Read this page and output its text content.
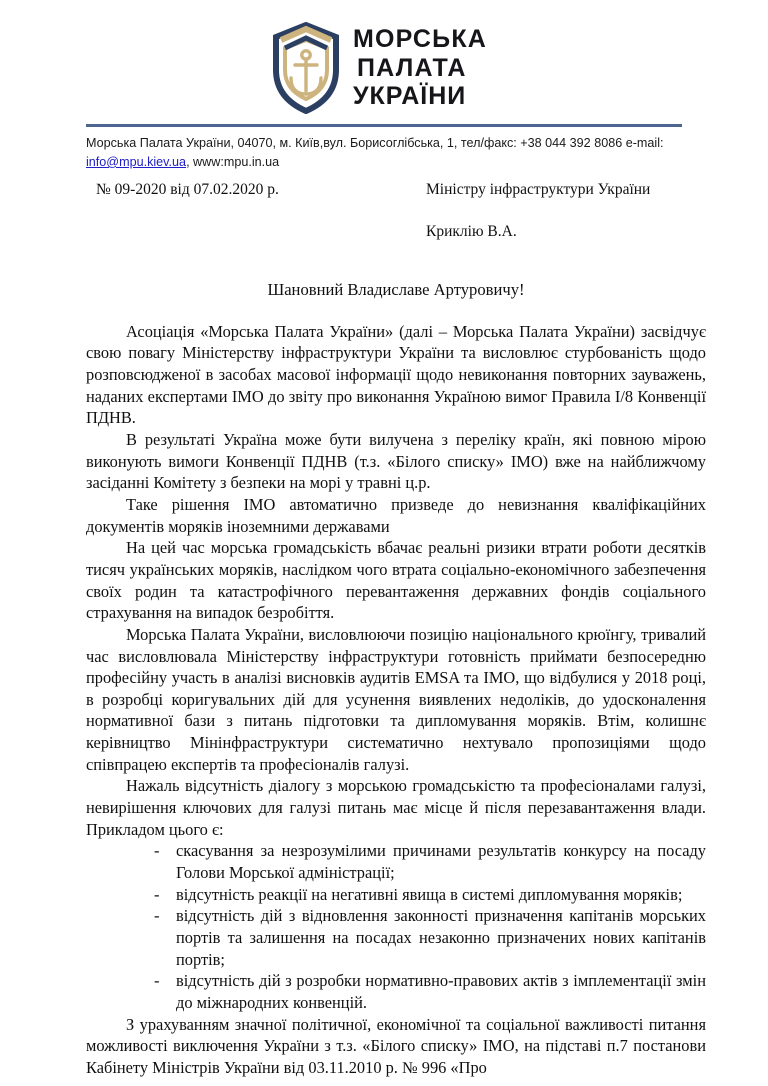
МОРСЬКА
ПАЛАТА
УКРАЇНИ
Морська Палата України, 04070, м. Київ,вул. Борисоглібська, 1, тел/факс: +38 044 392 8086 e-mail: info@mpu.kiev.ua, www:mpu.in.ua
№ 09-2020 від 07.02.2020 р.	Міністру інфраструктури України
Криклію В.А.
Шановний Владиславе Артуровичу!

Асоціація «Морська Палата України» (далі – Морська Палата України) засвідчує свою повагу Міністерству інфраструктури України та висловлює стурбованість щодо розповсюдженої в засобах масової інформації щодо невиконання повторних зауважень, наданих експертами ІМО до звіту про виконання Україною вимог Правила I/8 Конвенції ПДНВ.

В результаті Україна може бути вилучена з переліку країн, які повною мірою виконують вимоги Конвенції ПДНВ (т.з. «Білого списку» ІМО) вже на найближчому засіданні Комітету з безпеки на морі у травні ц.р.

Таке рішення ІМО автоматично призведе до невизнання кваліфікаційних документів моряків іноземними державами

На цей час морська громадськість вбачає реальні ризики втрати роботи десятків тисяч українських моряків, наслідком чого втрата соціально-економічного забезпечення своїх родин та катастрофічного перевантаження державних фондів соціального страхування на випадок безробіття.

Морська Палата України, висловлюючи позицію національного крюїнгу, тривалий час висловлювала Міністерству інфраструктури готовність приймати безпосередню професійну участь в аналізі висновків аудитів EMSA та IMO, що відбулися у 2018 році, в розробці коригувальних дій для усунення виявлених недоліків, до удосконалення нормативної бази з питань підготовки та дипломування моряків. Втім, колишнє керівництво Мінінфраструктури систематично нехтувало пропозиціями щодо співпрацею експертів та професіоналів галузі.

Нажаль відсутність діалогу з морською громадськістю та професіоналами галузі, невирішення ключових для галузі питань має місце й після перезавантаження влади. Прикладом цього є:

- скасування за незрозумілими причинами результатів конкурсу на посаду Голови Морської адміністрації;
- відсутність реакції на негативні явища в системі дипломування моряків;
- відсутність дій з відновлення законності призначення капітанів морських портів та залишення на посадах незаконно призначених нових капітанів портів;
- відсутність дій з розробки нормативно-правових актів з імплементації змін до міжнародних конвенцій.

З урахуванням значної політичної, економічної та соціальної важливості питання можливості виключення України з т.з. «Білого списку» ІМО, на підставі п.7 постанови Кабінету Міністрів України від 03.11.2010 р. № 996 «Про
